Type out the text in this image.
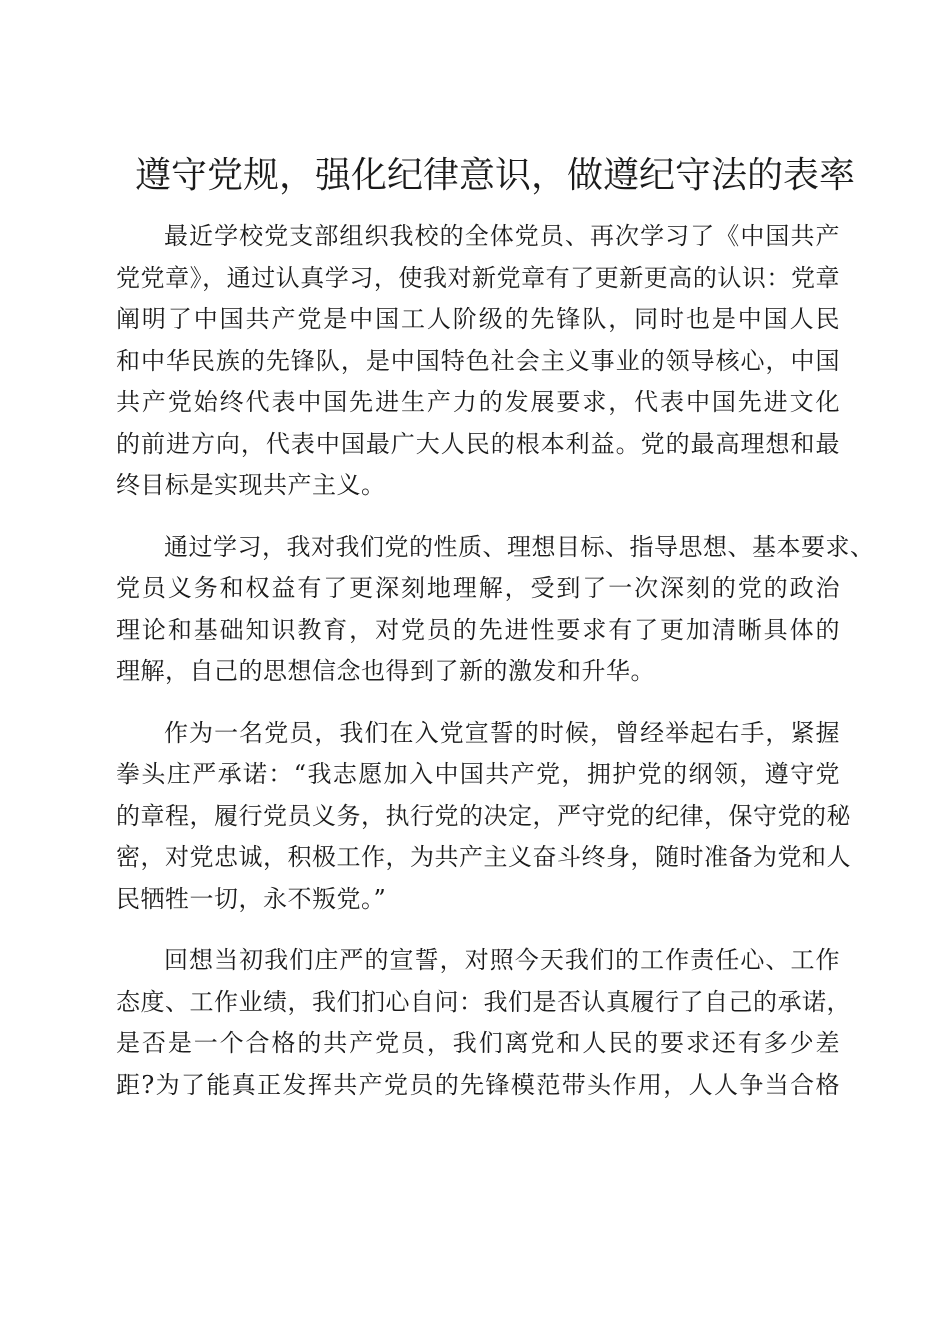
遵守党规，强化纪律意识，做遵纪守法的表率
最近学校党支部组织我校的全体党员、再次学习了《中国共产
党党章》，通过认真学习，使我对新党章有了更新更高的认识：党章
阐明了中国共产党是中国工人阶级的先锋队，同时也是中国人民
和中华民族的先锋队，是中国特色社会主义事业的领导核心，中国
共产党始终代表中国先进生产力的发展要求，代表中国先进文化
的前进方向，代表中国最广大人民的根本利益。党的最高理想和最
终目标是实现共产主义。
通过学习，我对我们党的性质、理想目标、指导思想、基本要求、
党员义务和权益有了更深刻地理解，受到了一次深刻的党的政治
理论和基础知识教育，对党员的先进性要求有了更加清晰具体的
理解，自己的思想信念也得到了新的激发和升华。
作为一名党员，我们在入党宣誓的时候，曾经举起右手，紧握
拳头庄严承诺：“我志愿加入中国共产党，拥护党的纲领，遵守党
的章程，履行党员义务，执行党的决定，严守党的纪律，保守党的秘
密，对党忠诚，积极工作，为共产主义奋斗终身，随时准备为党和人
民牺牲一切，永不叛党。”
回想当初我们庄严的宣誓，对照今天我们的工作责任心、工作
态度、工作业绩，我们扪心自问：我们是否认真履行了自己的承诺，
是否是一个合格的共产党员，我们离党和人民的要求还有多少差
距?为了能真正发挥共产党员的先锋模范带头作用，人人争当合格
